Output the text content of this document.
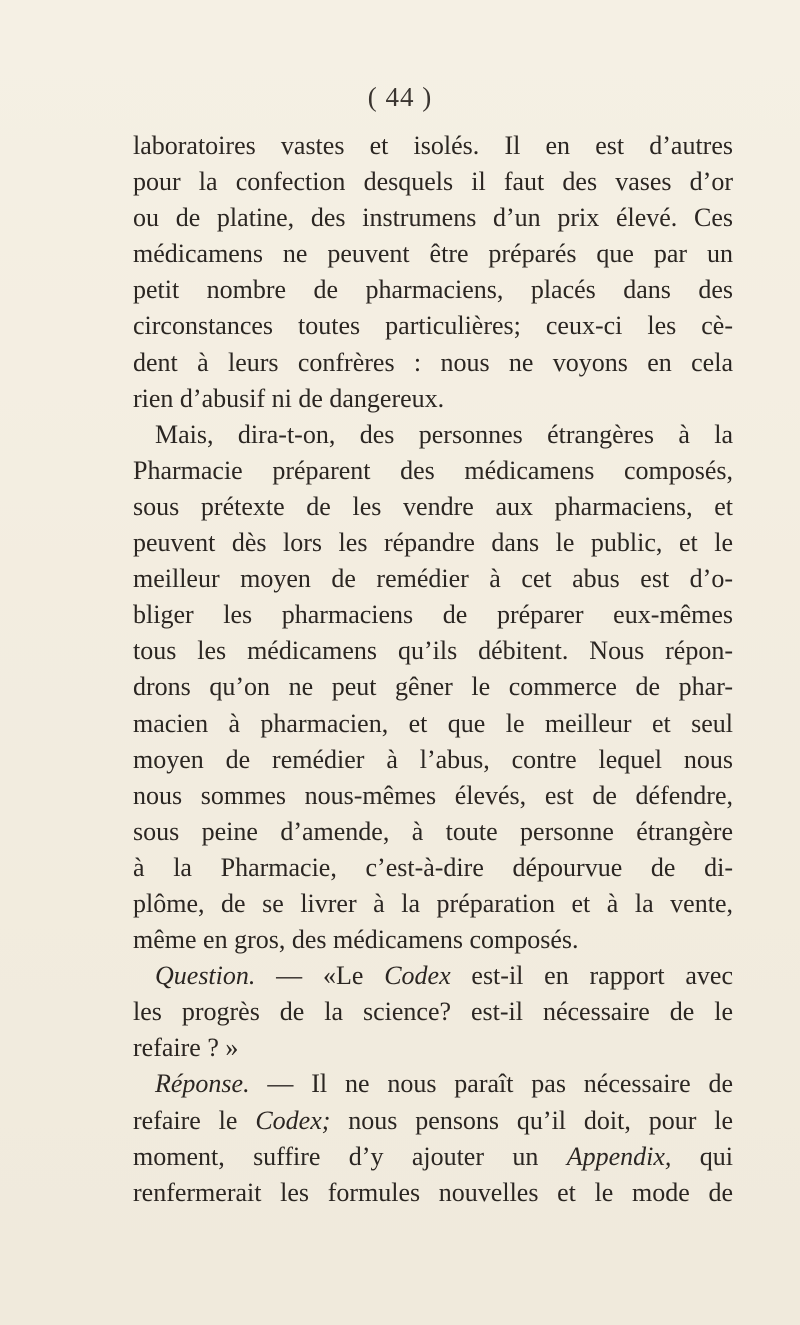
( 44 )
laboratoires vastes et isolés. Il en est d’autres
pour la confection desquels il faut des vases d’or
ou de platine, des instrumens d’un prix élevé. Ces
médicamens ne peuvent être préparés que par un
petit nombre de pharmaciens, placés dans des
circonstances toutes particulières; ceux-ci les cè-
dent à leurs confrères : nous ne voyons en cela
rien d’abusif ni de dangereux.
Mais, dira-t-on, des personnes étrangères à la
Pharmacie préparent des médicamens composés,
sous prétexte de les vendre aux pharmaciens, et
peuvent dès lors les répandre dans le public, et le
meilleur moyen de remédier à cet abus est d’o-
bliger les pharmaciens de préparer eux-mêmes
tous les médicamens qu’ils débitent. Nous répon-
drons qu’on ne peut gêner le commerce de phar-
macien à pharmacien, et que le meilleur et seul
moyen de remédier à l’abus, contre lequel nous
nous sommes nous-mêmes élevés, est de défendre,
sous peine d’amende, à toute personne étrangère
à la Pharmacie, c’est-à-dire dépourvue de di-
plôme, de se livrer à la préparation et à la vente,
même en gros, des médicamens composés.
Question. — «Le Codex est-il en rapport avec
les progrès de la science? est-il nécessaire de le
refaire ? »
Réponse. — Il ne nous paraît pas nécessaire de
refaire le Codex; nous pensons qu’il doit, pour le
moment, suffire d’y ajouter un Appendix, qui
renfermerait les formules nouvelles et le mode de
